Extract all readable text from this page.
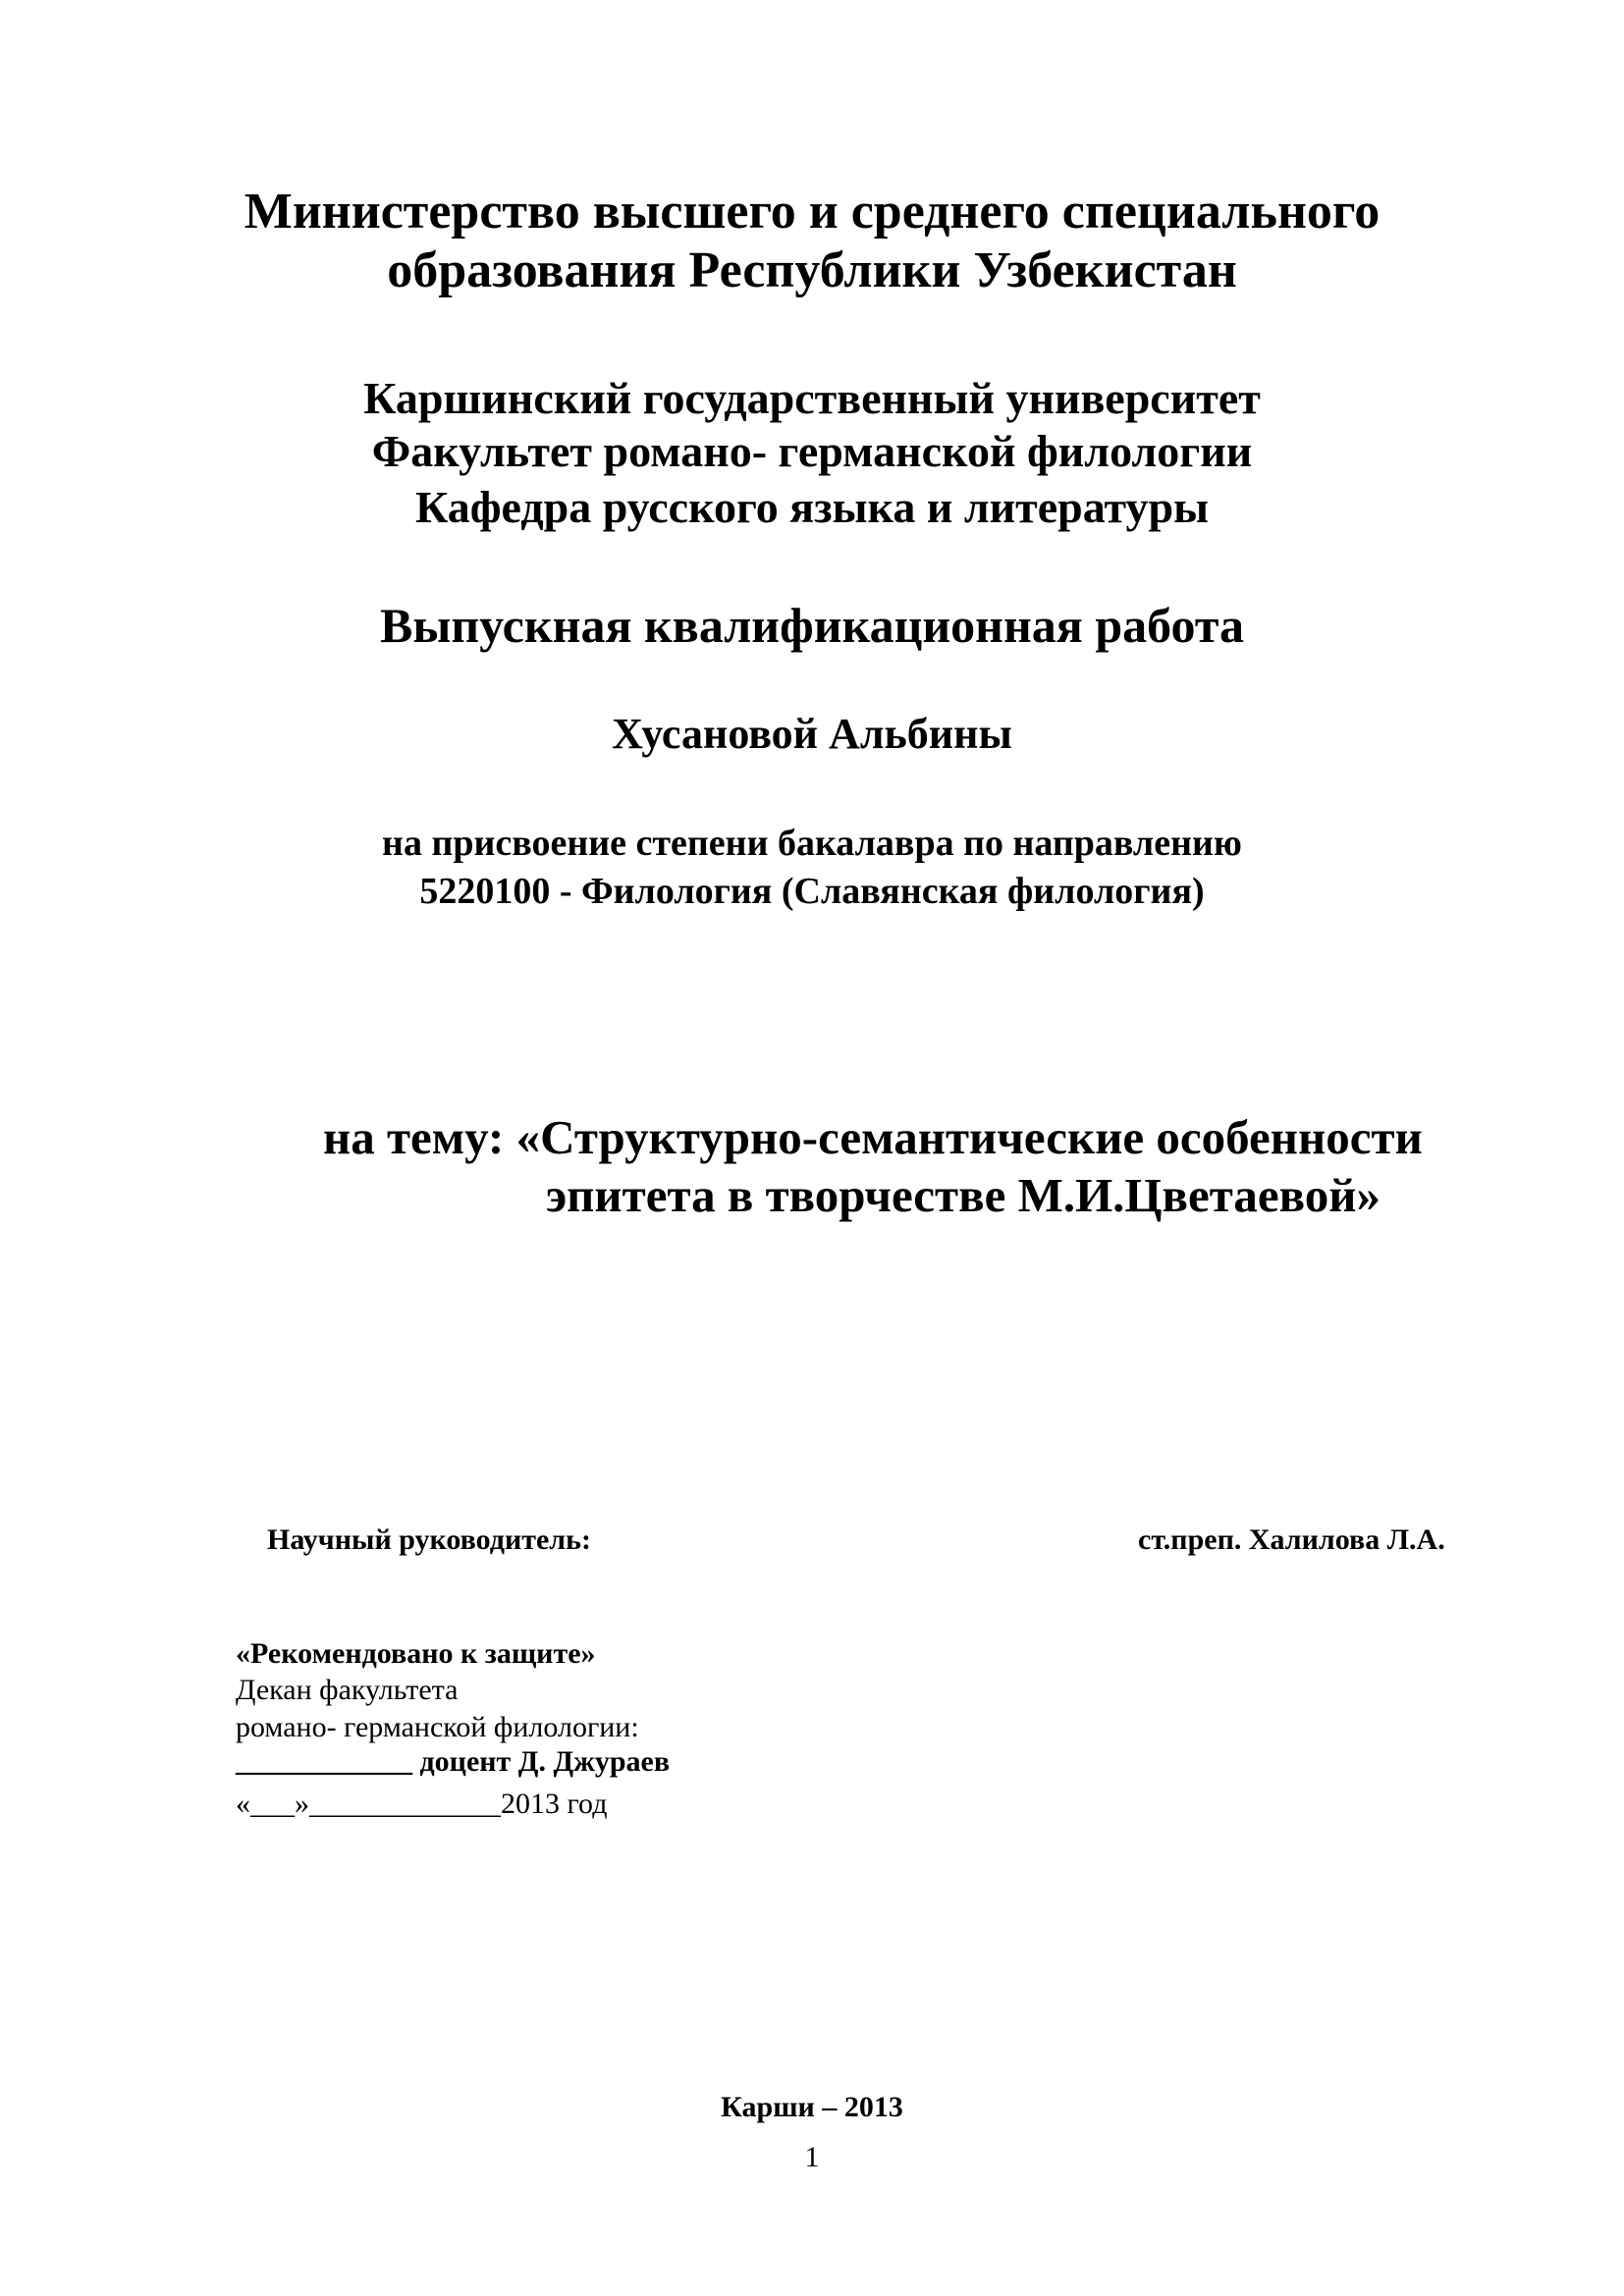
Министерство высшего и среднего специального
образования Республики Узбекистан
Каршинский государственный университет
Факультет романо- германской филологии
Кафедра русского языка и литературы
Выпускная квалификационная работа
Хусановой Альбины
на присвоение степени бакалавра по направлению
5220100 - Филология (Славянская филология)
на тему: «Структурно-семантические особенности
эпитета в творчестве М.И.Цветаевой»
Научный руководитель:	ст.преп. Халилова Л.А.
«Рекомендовано к защите»
Декан факультета
романо- германской филологии:
____________ доцент Д. Джураев
«___»_____________2013 год
Карши – 2013
1
